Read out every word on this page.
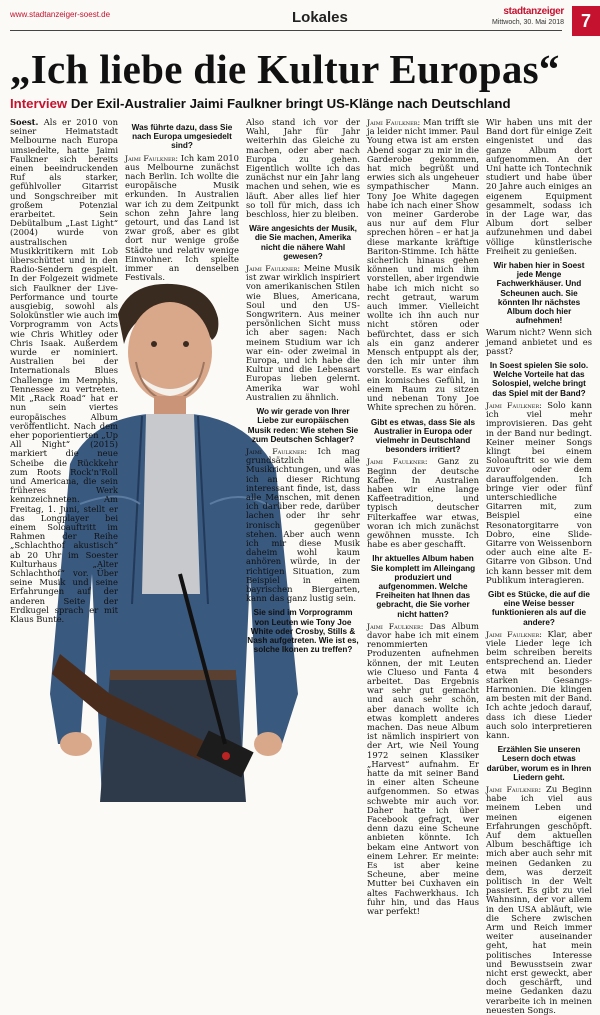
www.stadtanzeiger-soest.de	Lokales	stadtanzeiger
Mittwoch, 30. Mai 2018 7
„Ich liebe die Kultur Europas“
Interview Der Exil-Australier Jaimi Faulkner bringt US-Klänge nach Deutschland

Soest. Als er 2010 von seiner Heimatstadt Melbourne nach Europa umsiedelte, hatte Jaimi Faulkner sich bereits einen beeindruckenden Ruf als starker, gefühlvoller Gitarrist und Songschreiber mit großem Potenzial erarbeitet. Sein Debütalbum „Last Light“ (2004) wurde von australischen Musikkritikern mit Lob überschüttet und in den Radio-Sendern gespielt. In der Folgezeit widmete sich Faulkner der Live-Performance und tourte ausgiebig, sowohl als Solokünstler wie auch im Vorprogramm von Acts wie Chris Whitley oder Chris Isaak. Außerdem wurde er nominiert. Australien bei der Internationals Blues Challenge im Memphis, Tennessee zu vertreten. Mit „Rack Road“ hat er nun sein viertes europäisches Album veröffentlicht. Nach dem eher poporientierten „Up All Night“ (2015) markiert die neue Scheibe die Rückkehr zum Roots Rock'n'Roll und Americana, die sein früheres Werk kennzeichneten. Am Freitag, 1. Juni, stellt er das Longplayer bei einem Soloauftritt im Rahmen der Reihe „Schlachthof akustisch“ ab 20 Uhr im Soester Kulturhaus „Alter Schlachthof“ vor. Über seine Musik und seine Erfahrungen auf der anderen Seite der Erdkugel sprach er mit Klaus Bunte.

Was führte dazu, dass Sie nach Europa umgesiedelt sind?

Jaimi Faulkner: Ich kam 2010 aus Melbourne zunächst nach Berlin. Ich wollte die europäische Musik erkunden. In Australien war ich zu dem Zeitpunkt schon zehn Jahre lang getourt, und das Land ist zwar groß, aber es gibt dort nur wenige große Städte und relativ wenige Einwohner. Ich spielte immer an denselben Festivals.

Also stand ich vor der Wahl, Jahr für Jahr weiterhin das Gleiche zu machen, oder aber nach Europa zu gehen. Eigentlich wollte ich das zunächst nur ein Jahr lang machen und sehen, wie es läuft. Aber alles lief hier so toll für mich, dass ich beschloss, hier zu bleiben.

Wäre angesichts der Musik, die Sie machen, Amerika nicht die nähere Wahl gewesen?

Jaimi Faulkner: Meine Musik ist zwar wirklich inspiriert von amerikanischen Stilen wie Blues, Americana, Soul und den US-Songwritern. Aus meiner persönlichen Sicht muss ich aber sagen: Nach meinem Studium war ich war ein- oder zweimal in Europa, und ich habe die Kultur und die Lebensart Europas lieben gelernt. Amerika war wohl Australien zu ähnlich.

Wo wir gerade von Ihrer Liebe zur europäischen Musik reden: Wie stehen Sie zum Deutschen Schlager?

Jaimi Faulkner: Ich mag grundsätzlich alle Musikrichtungen, und was ich an dieser Richtung interessant finde, ist, dass alle Menschen, mit denen ich darüber rede, darüber lachen oder ihr sehr ironisch gegenüber stehen. Aber auch wenn ich mir diese Musik daheim wohl kaum anhören würde, in der richtigen Situation, zum Beispiel in einem bayrischen Biergarten, kann das ganz lustig sein.

Sie sind im Vorprogramm von Leuten wie Tony Joe White oder Crosby, Stills & Nash aufgetreten. Wie ist es, solche Ikonen zu treffen?

Jaimi Faulkner: Man trifft sie ja leider nicht immer. Paul Young etwa ist am ersten Abend sogar zu mir in die Garderobe gekommen, hat mich begrüßt und erwies sich als ungeheuer sympathischer Mann. Tony Joe White dagegen habe ich nach einer Show von meiner Garderobe aus nur auf dem Flur sprechen hören – er hat ja diese markante kräftige Bariton-Stimme. Ich hätte sicherlich hinaus gehen können und mich ihm vorstellen, aber irgendwie habe ich mich nicht so recht getraut, warum auch immer. Vielleicht wollte ich ihn auch nur nicht stören oder befürchtet, dass er sich als ein ganz anderer Mensch entpuppt als der, den ich mir unter ihm vorstelle. Es war einfach ein komisches Gefühl, in einem Raum zu sitzen und nebenan Tony Joe White sprechen zu hören.

Gibt es etwas, dass Sie als Australier in Europa oder vielmehr in Deutschland besonders irritiert?

Jaimi Faulkner: Ganz zu Beginn der deutsche Kaffee. In Australien haben wir eine lange Kaffeetradition, und typisch deutscher Filterkaffee war etwas, woran ich mich zunächst gewöhnen musste. Ich habe es aber geschafft.

Ihr aktuelles Album haben Sie komplett im Alleingang produziert und aufgenommen. Welche Freiheiten hat Ihnen das gebracht, die Sie vorher nicht hatten?

Jaimi Faulkner: Das Album davor habe ich mit einem renommierten Produzenten aufnehmen können, der mit Leuten wie Clueso und Fanta 4 arbeitet. Das Ergebnis war sehr gut gemacht und auch sehr schön, aber danach wollte ich etwas komplett anderes machen. Das neue Album ist nämlich inspiriert von der Art, wie Neil Young 1972 seinen Klassiker „Harvest“ aufnahm. Er hatte da mit seiner Band in einer alten Scheune aufgenommen. So etwas schwebte mir auch vor. Daher hatte ich über Facebook gefragt, wer denn dazu eine Scheune anbieten könnte. Ich bekam eine Antwort von einem Lehrer. Er meinte: Es ist aber keine Scheune, aber meine Mutter bei Cuxhaven ein altes Fachwerkhaus. Ich fuhr hin, und das Haus war perfekt!

Wir haben uns mit der Band dort für einige Zeit eingenistet und das ganze Album dort aufgenommen. An der Uni hatte ich Tontechnik studiert und habe über 20 Jahre auch einiges an eigenem Equipment gesammelt, sodass ich in der Lage war, das Album dort selber aufzunehmen und dabei völlige künstlerische Freiheit zu genießen.

Wir haben hier in Soest jede Menge Fachwerkhäuser. Und Scheunen auch. Sie könnten Ihr nächstes Album doch hier aufnehmen!

Warum nicht? Wenn sich jemand anbietet und es passt?

In Soest spielen Sie solo. Welche Vorteile hat das Solospiel, welche bringt das Spiel mit der Band?

Jaimi Faulkner: Solo kann ich viel mehr improvisieren. Das geht in der Band nur bedingt. Keiner meiner Songs klingt bei einem Soloauftritt so wie dem zuvor oder dem darauffolgenden. Ich bringe vier oder fünf unterschiedliche Gitarren mit, zum Beispiel eine Resonatorgitarre von Dobro, eine Slide-Gitarre von Weissenborn oder auch eine alte E-Gitarre von Gibson. Und ich kann besser mit dem Publikum interagieren.

Gibt es Stücke, die auf die eine Weise besser funktionieren als auf die andere?

Jaimi Faulkner: Klar, aber viele Lieder lege ich beim schreiben bereits entsprechend an. Lieder etwa mit besonders starken Gesangs-Harmonien. Die klingen am besten mit der Band. Ich achte jedoch darauf, dass ich diese Lieder auch solo interpretieren kann.

Erzählen Sie unseren Lesern doch etwas darüber, worum es in Ihren Liedern geht.

Jaimi Faulkner: Zu Beginn habe ich viel aus meinem Leben und meinen eigenen Erfahrungen geschöpft. Auf dem aktuellen Album beschäftige ich mich aber auch sehr mit meinen Gedanken zu dem, was derzeit politisch in der Welt passiert. Es gibt zu viel Wahnsinn, der vor allem in den USA abläuft, wie die Schere zwischen Arm und Reich immer weiter auseinander geht, hat mein politisches Interesse und Bewusstsein zwar nicht erst geweckt, aber doch geschärft, und meine Gedanken dazu verarbeite ich in meinen neuesten Songs.
